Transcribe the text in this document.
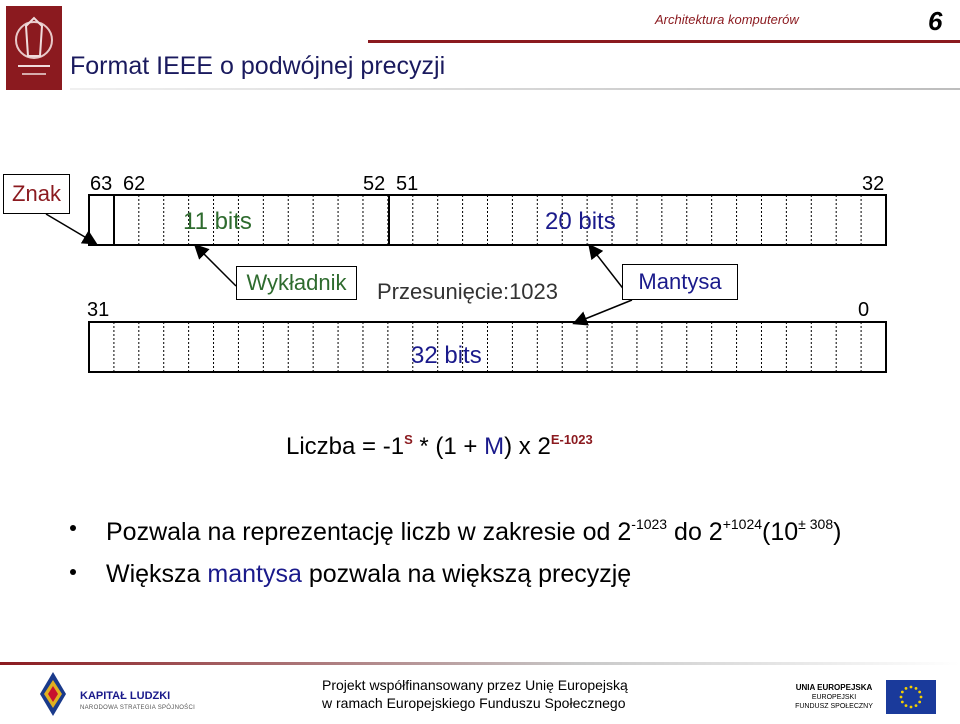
Architektura komputerów	6
Format IEEE o podwójnej precyzji
Znak	63 62	52 51	32
11 bits	20 bits
Wykładnik	Przesunięcie:1023	Mantysa
31	0
32 bits
Liczba = $-1^S * (1 + M)$ x $2^{E-1023}$
Pozwala na reprezentację liczb w zakresie od $2^{-1023}$ do $2^{+1024}(10^{\pm 308})$
Większa mantysa pozwala na większą precyzję
KAPITAŁ LUDZKI
NARODOWA STRATEGIA SPÓJNOŚCI
Projekt współfinansowany przez Unię Europejską
w ramach Europejskiego Funduszu Społecznego
UNIA EUROPEJSKA
EUROPEJSKI
FUNDUSZ SPOŁECZNY
